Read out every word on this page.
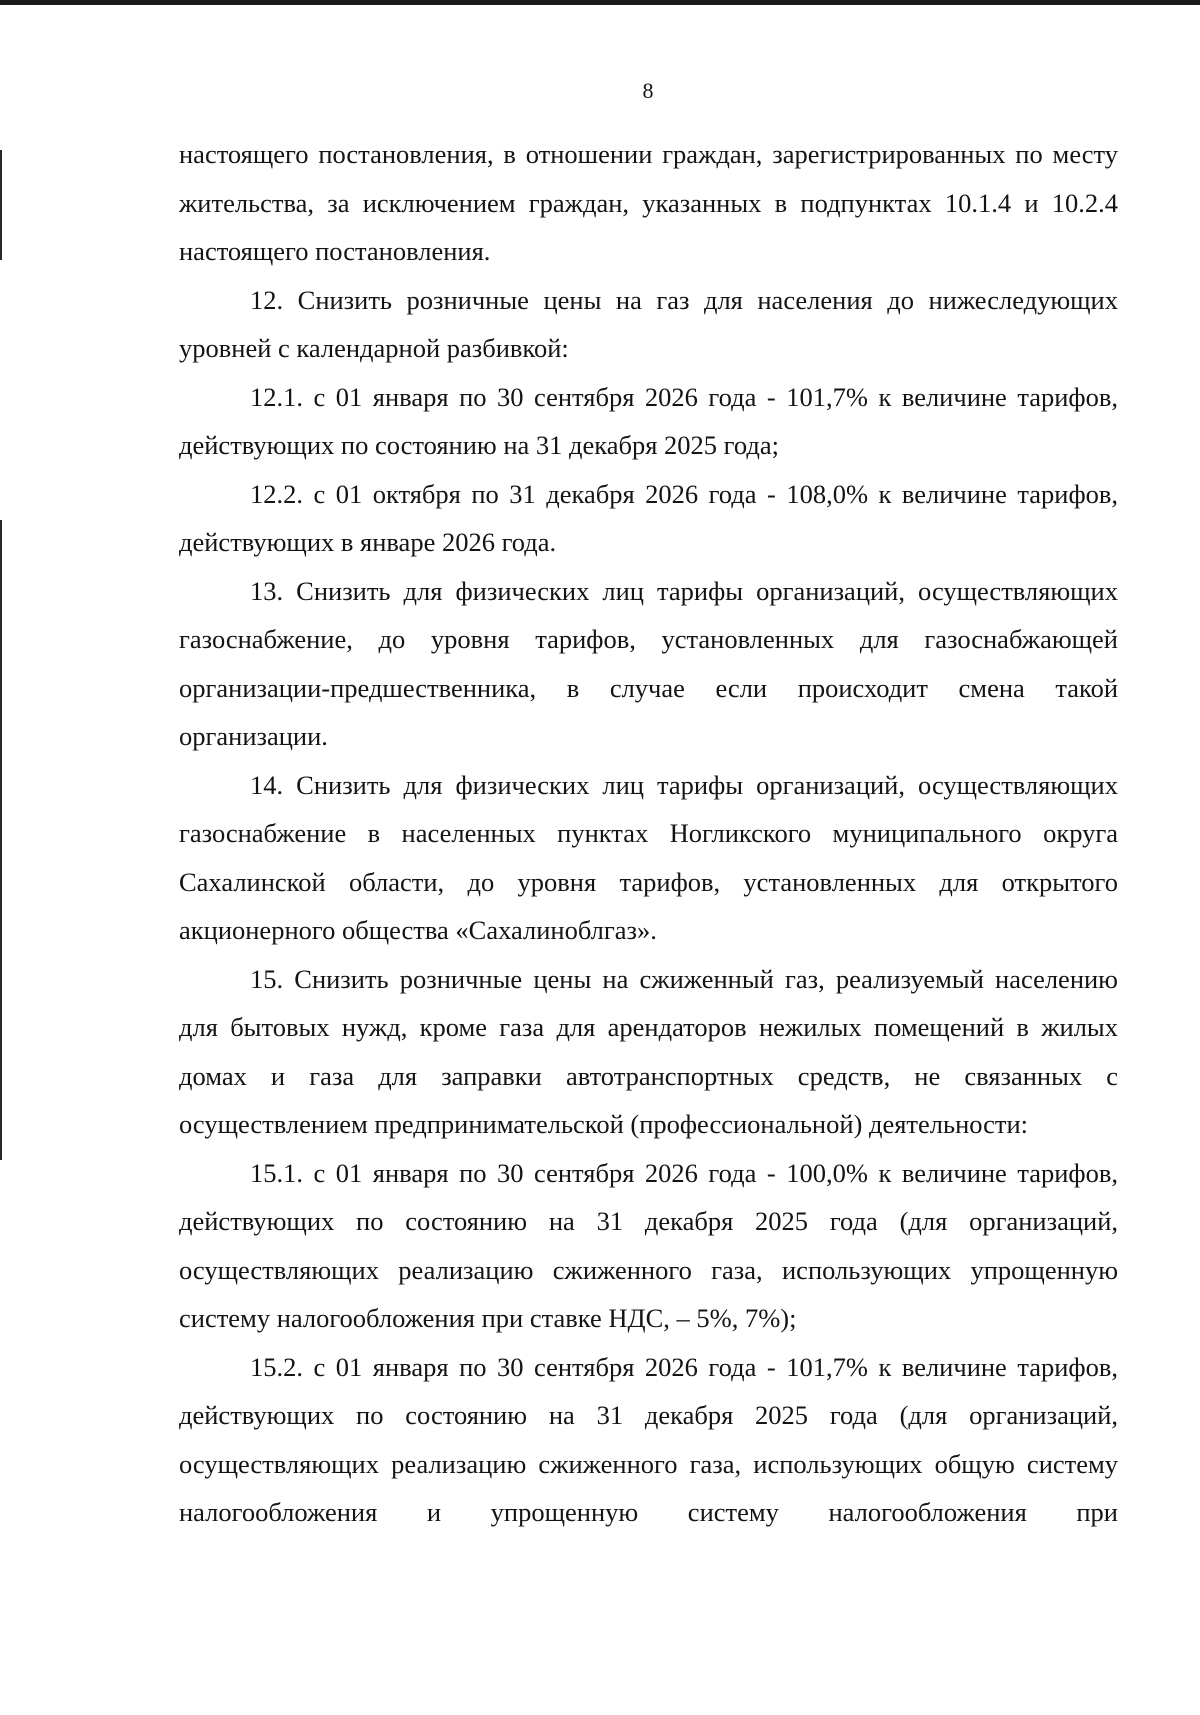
8

настоящего постановления, в отношении граждан, зарегистрированных по месту жительства, за исключением граждан, указанных в подпунктах 10.1.4 и 10.2.4 настоящего постановления.

12. Снизить розничные цены на газ для населения до нижеследующих уровней с календарной разбивкой:

12.1. с 01 января по 30 сентября 2026 года - 101,7% к величине тарифов, действующих по состоянию на 31 декабря 2025 года;

12.2. с 01 октября по 31 декабря 2026 года - 108,0% к величине тарифов, действующих в январе 2026 года.

13. Снизить для физических лиц тарифы организаций, осуществляющих газоснабжение, до уровня тарифов, установленных для газоснабжающей организации-предшественника, в случае если происходит смена такой организации.

14. Снизить для физических лиц тарифы организаций, осуществляющих газоснабжение в населенных пунктах Ногликского муниципального округа Сахалинской области, до уровня тарифов, установленных для открытого акционерного общества «Сахалиноблгаз».

15. Снизить розничные цены на сжиженный газ, реализуемый населению для бытовых нужд, кроме газа для арендаторов нежилых помещений в жилых домах и газа для заправки автотранспортных средств, не связанных с осуществлением предпринимательской (профессиональной) деятельности:

15.1. с 01 января по 30 сентября 2026 года - 100,0% к величине тарифов, действующих по состоянию на 31 декабря 2025 года (для организаций, осуществляющих реализацию сжиженного газа, использующих упрощенную систему налогообложения при ставке НДС, – 5%, 7%);

15.2. с 01 января по 30 сентября 2026 года - 101,7% к величине тарифов, действующих по состоянию на 31 декабря 2025 года (для организаций, осуществляющих реализацию сжиженного газа, использующих общую систему налогообложения и упрощенную систему налогообложения при
